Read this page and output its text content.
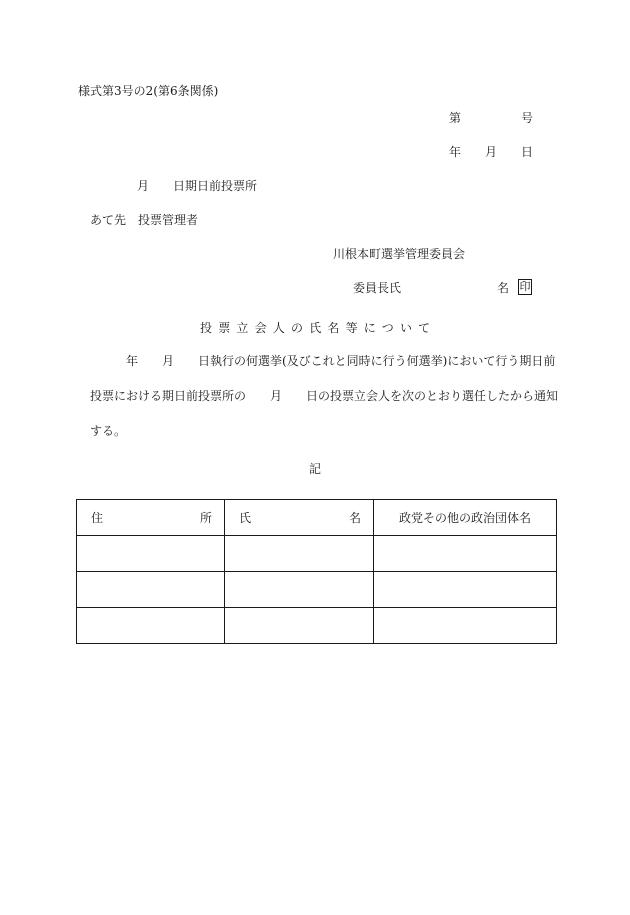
様式第3号の2(第6条関係)
第	号
年 月 日
月 日期日前投票所
あて先　投票管理者
川根本町選挙管理委員会
委員長氏	名 印
投票立会人の氏名等について
年 月 日執行の何選挙(及びこれと同時に行う何選挙)において行う期日前
投票における期日前投票所の 月 日の投票立会人を次のとおり選任したから通知
する。
記
住 所	氏 名	政党その他の政治団体名
